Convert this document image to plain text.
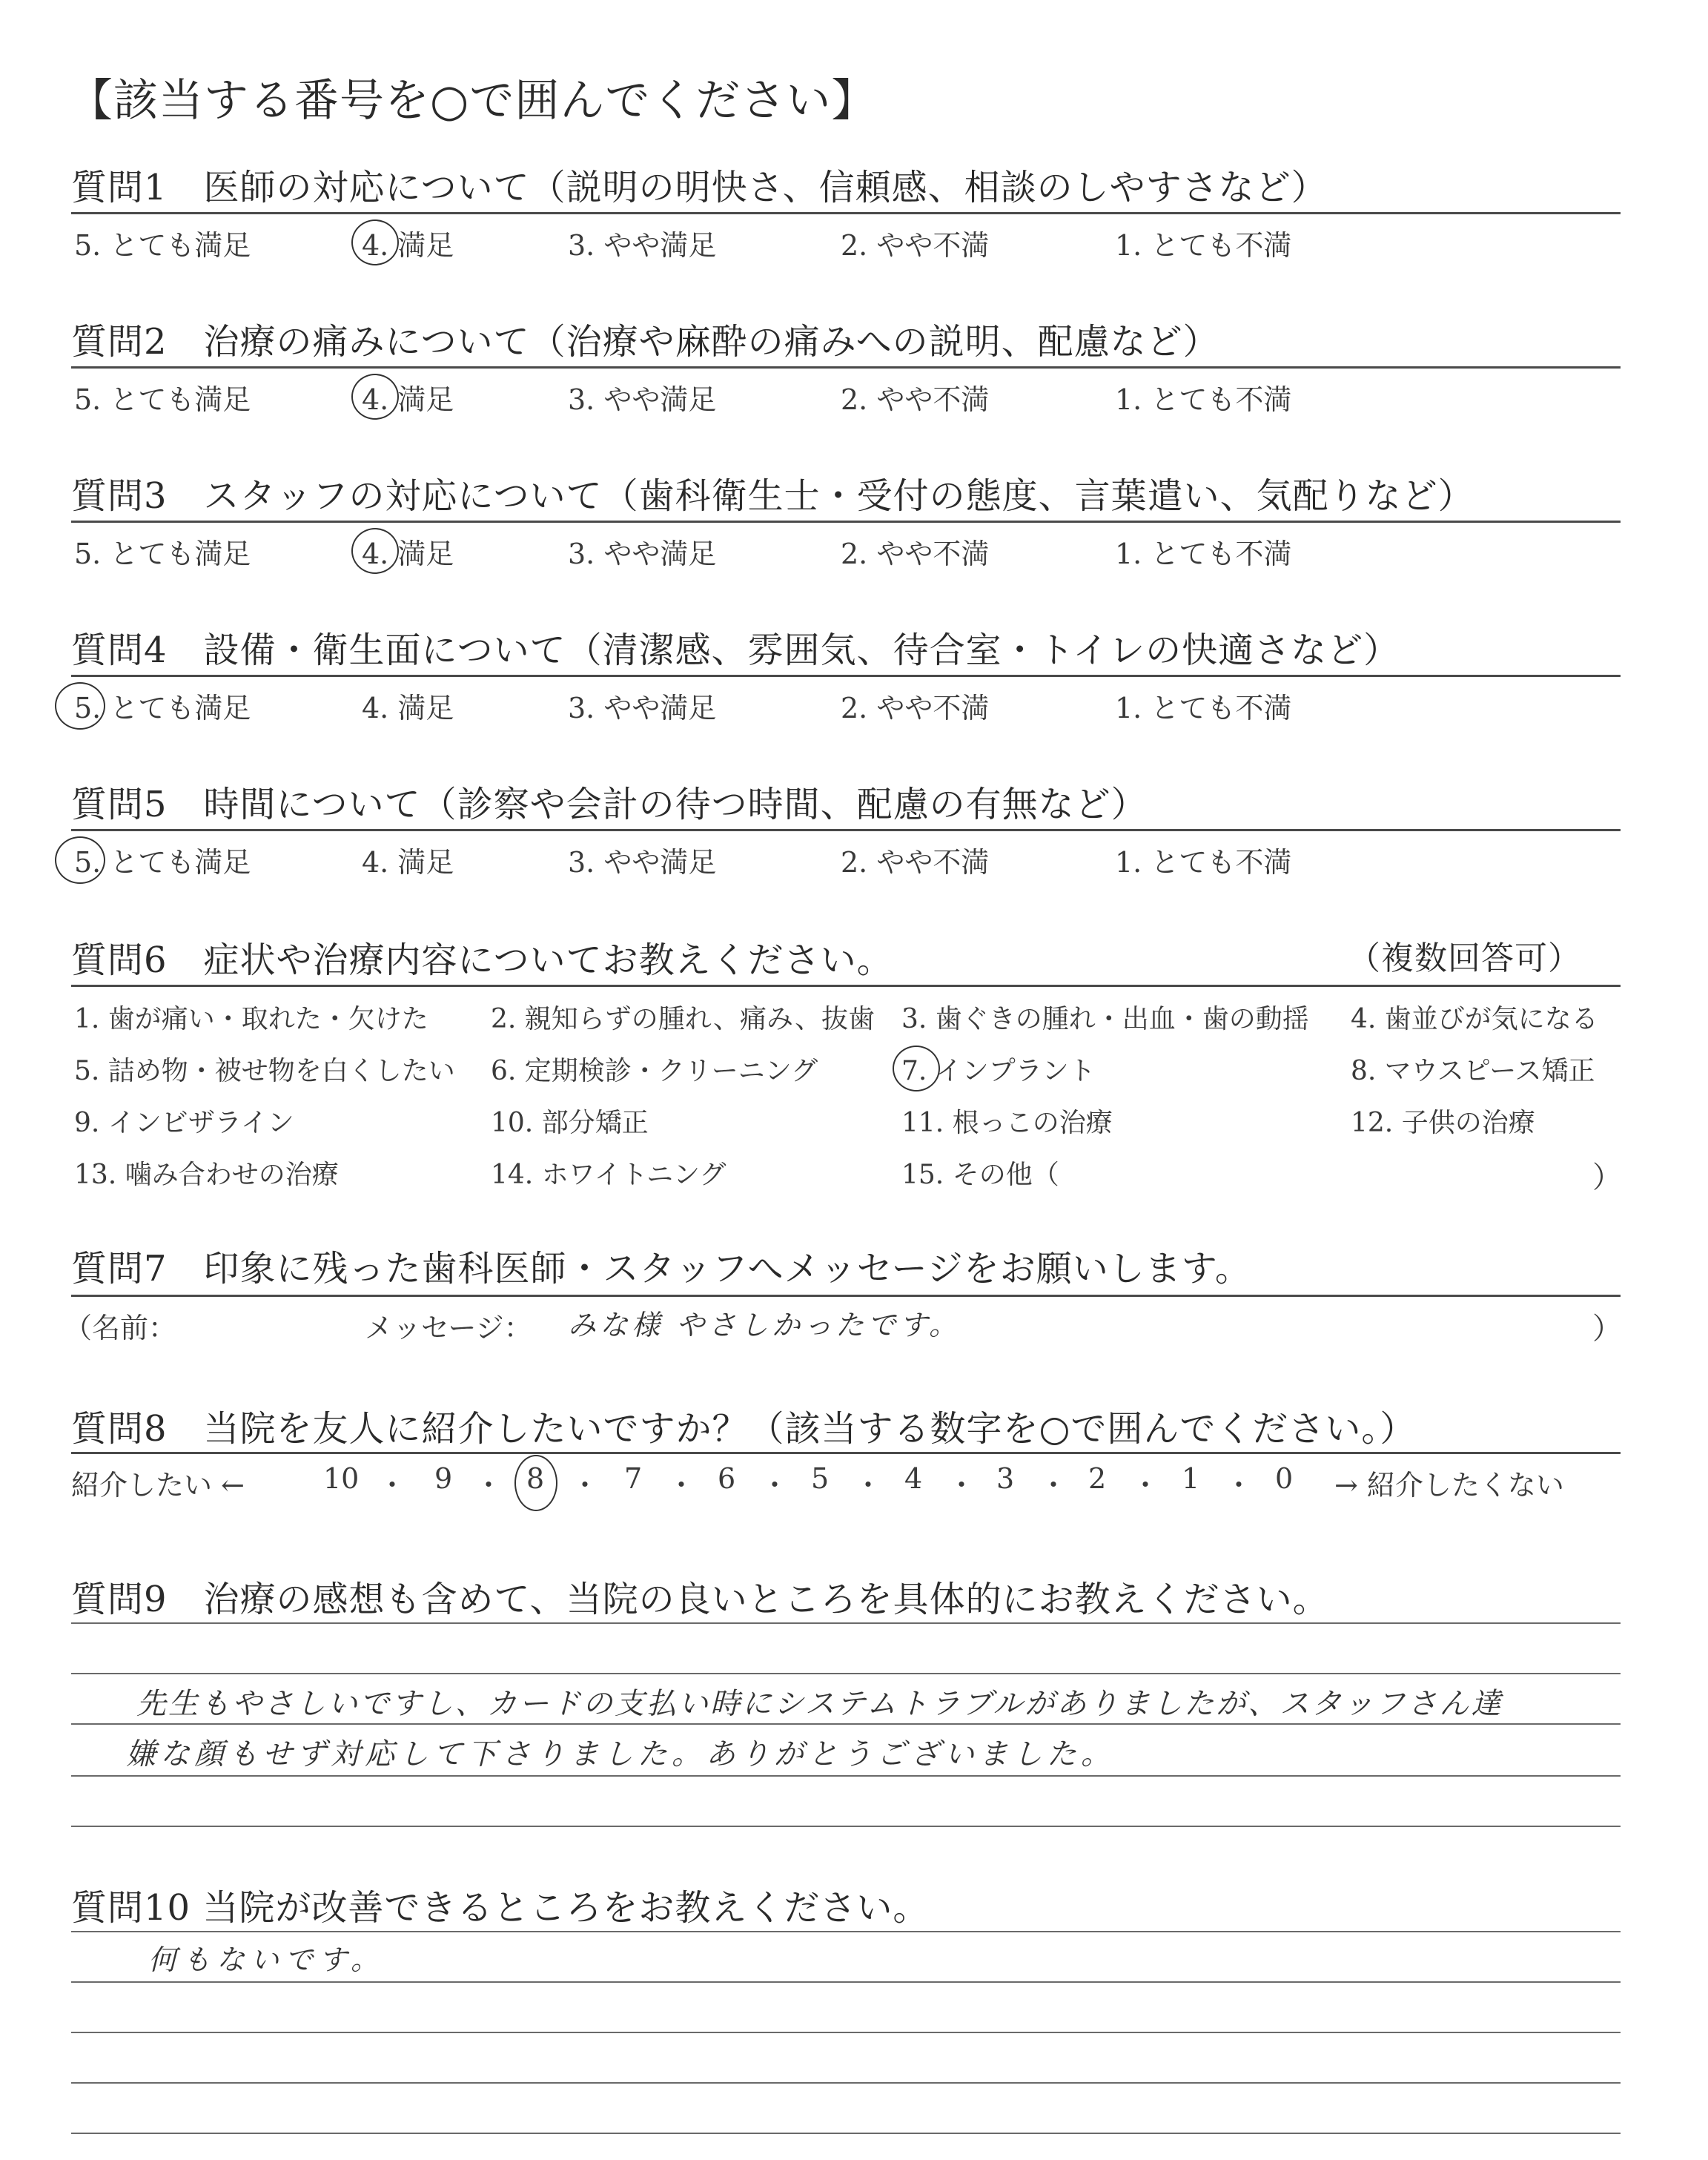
【該当する番号を○で囲んでください】
質問1　医師の対応について（説明の明快さ、信頼感、相談のしやすさなど）
5. とても満足	4. 満足	3. やや満足	2. やや不満	1. とても不満
質問2　治療の痛みについて（治療や麻酔の痛みへの説明、配慮など）
5. とても満足	4. 満足	3. やや満足	2. やや不満	1. とても不満
質問3　スタッフの対応について（歯科衛生士・受付の態度、言葉遣い、気配りなど）
5. とても満足	4. 満足	3. やや満足	2. やや不満	1. とても不満
質問4　設備・衛生面について（清潔感、雰囲気、待合室・トイレの快適さなど）
5. とても満足	4. 満足	3. やや満足	2. やや不満	1. とても不満
質問5　時間について（診察や会計の待つ時間、配慮の有無など）
5. とても満足	4. 満足	3. やや満足	2. やや不満	1. とても不満
質問6　症状や治療内容についてお教えください。	（複数回答可）
1. 歯が痛い・取れた・欠けた 2. 親知らずの腫れ、痛み、抜歯 3. 歯ぐきの腫れ・出血・歯の動揺 4. 歯並びが気になる
5. 詰め物・被せ物を白くしたい 6. 定期検診・クリーニング	7. インプラント	8. マウスピース矯正
9. インビザライン	10. 部分矯正	11. 根っこの治療	12. 子供の治療
13. 噛み合わせの治療	14. ホワイトニング	15. その他（	）
質問7　印象に残った歯科医師・スタッフへメッセージをお願いします。
（名前：	メッセージ： みな様 やさしかったです。	）
質問8　当院を友人に紹介したいですか？（該当する数字を○で囲んでください。）
紹介したい ←	10 ・ 9 ・ 8 ・ 7 ・ 6 ・ 5 ・ 4 ・ 3 ・ 2 ・ 1 ・ 0 → 紹介したくない
質問9　治療の感想も含めて、当院の良いところを具体的にお教えください。
先生もやさしいですし、カードの支払い時にシステムトラブルがありましたが、スタッフさん達
嫌な顔もせず対応して下さりました。ありがとうございました。
質問10 当院が改善できるところをお教えください。
何もないです。
